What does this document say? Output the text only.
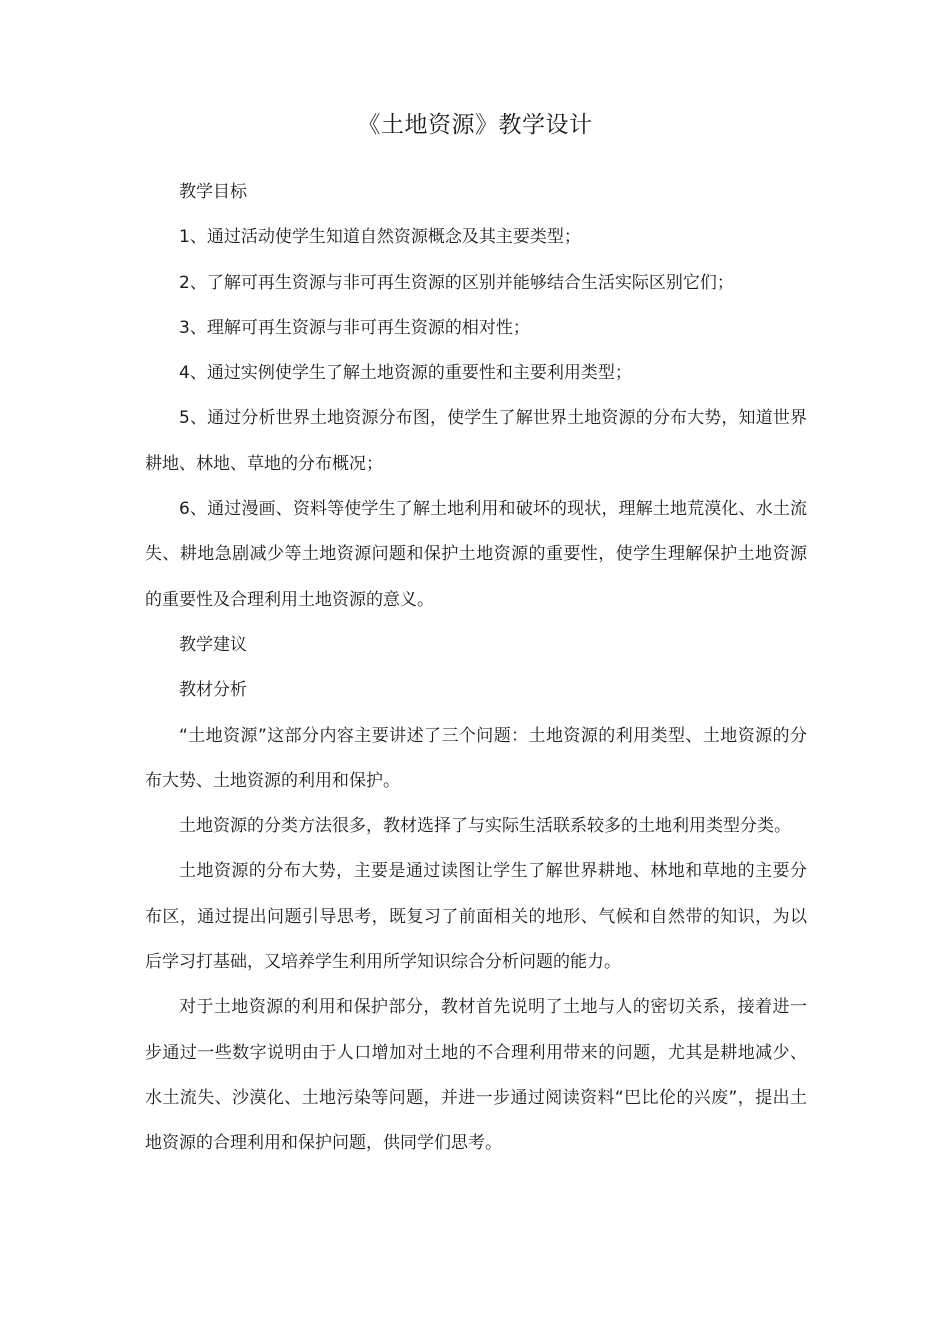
《土地资源》教学设计

教学目标

1、通过活动使学生知道自然资源概念及其主要类型；

2、了解可再生资源与非可再生资源的区别并能够结合生活实际区别它们；

3、理解可再生资源与非可再生资源的相对性；

4、通过实例使学生了解土地资源的重要性和主要利用类型；

5、通过分析世界土地资源分布图，使学生了解世界土地资源的分布大势，知道世界耕地、林地、草地的分布概况；

6、通过漫画、资料等使学生了解土地利用和破坏的现状，理解土地荒漠化、水土流失、耕地急剧减少等土地资源问题和保护土地资源的重要性，使学生理解保护土地资源的重要性及合理利用土地资源的意义。

教学建议

教材分析

“土地资源”这部分内容主要讲述了三个问题：土地资源的利用类型、土地资源的分布大势、土地资源的利用和保护。

土地资源的分类方法很多，教材选择了与实际生活联系较多的土地利用类型分类。

土地资源的分布大势，主要是通过读图让学生了解世界耕地、林地和草地的主要分布区，通过提出问题引导思考，既复习了前面相关的地形、气候和自然带的知识，为以后学习打基础，又培养学生利用所学知识综合分析问题的能力。

对于土地资源的利用和保护部分，教材首先说明了土地与人的密切关系，接着进一步通过一些数字说明由于人口增加对土地的不合理利用带来的问题，尤其是耕地减少、水土流失、沙漠化、土地污染等问题，并进一步通过阅读资料“巴比伦的兴废”，提出土地资源的合理利用和保护问题，供同学们思考。
